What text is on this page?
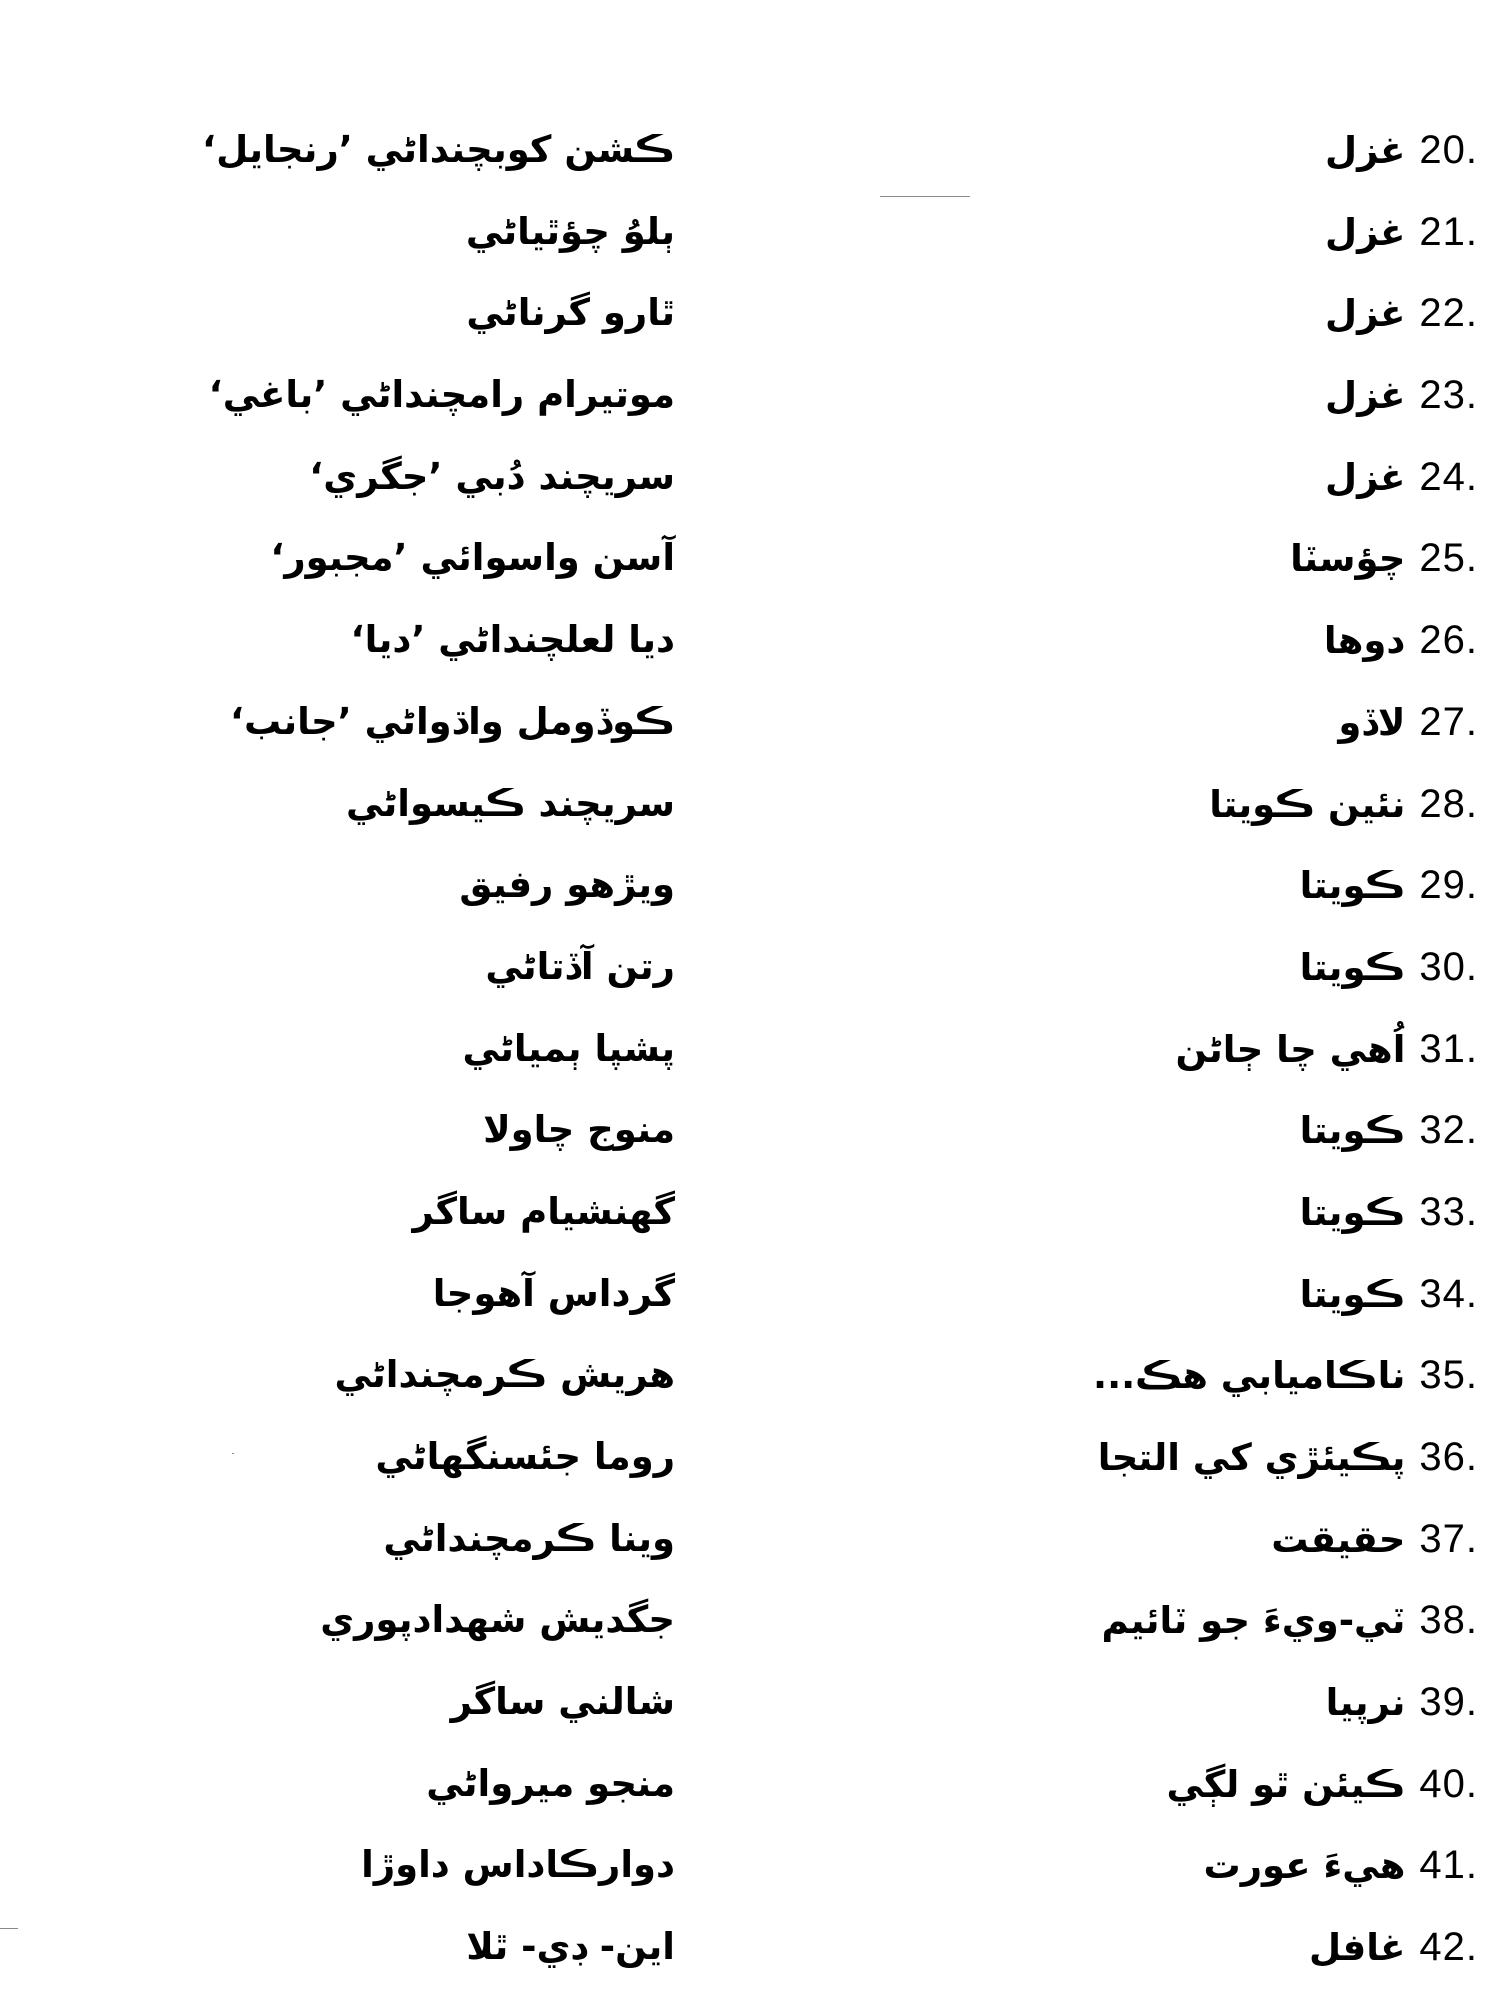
ڪشن کوبچنداڻي ’رنجايل‘	غزل 20.
ٻلوُ چؤٿياڻي	غزل 21.
ٿارو گرناڻي	غزل 22.
موتيرام رامچنداڻي ’باغي‘	غزل 23.
سريچند دُبي ’جگري‘	غزل 24.
آسن واسوائي ’مجبور‘	چؤسٽا 25.
ديا لعلچنداڻي ’ديا‘	دوها 26.
ڪوڏومل واڌواڻي ’جانب‘	لاڏو 27.
سريچند ڪيسواڻي	نئين ڪويتا 28.
ويڙهو رفيق	ڪويتا 29.
رتن آڏتاڻي	ڪويتا 30.
پشپا ٻمياڻي	اُهي چا ڄاڻن 31.
منوج چاولا	ڪويتا 32.
گهنشيام ساگر	ڪويتا 33.
گرداس آهوجا	ڪويتا 34.
هريش ڪرمچنداڻي	ناڪاميابي هڪ... 35.
روما جئسنگهاڻي	پڪيئڙي کي التجا 36.
وينا ڪرمچنداڻي	حقيقت 37.
جگديش شهدادپوري	ٽي-ويءَ جو ٽائيم 38.
شالني ساگر	نرپيا 39.
منجو ميرواڻي	ڪيئن ٿو لڳي 40.
دوارڪاداس داوڙا	هيءَ عورت 41.
اين- ڊي- ٿلا	غافل 42.
